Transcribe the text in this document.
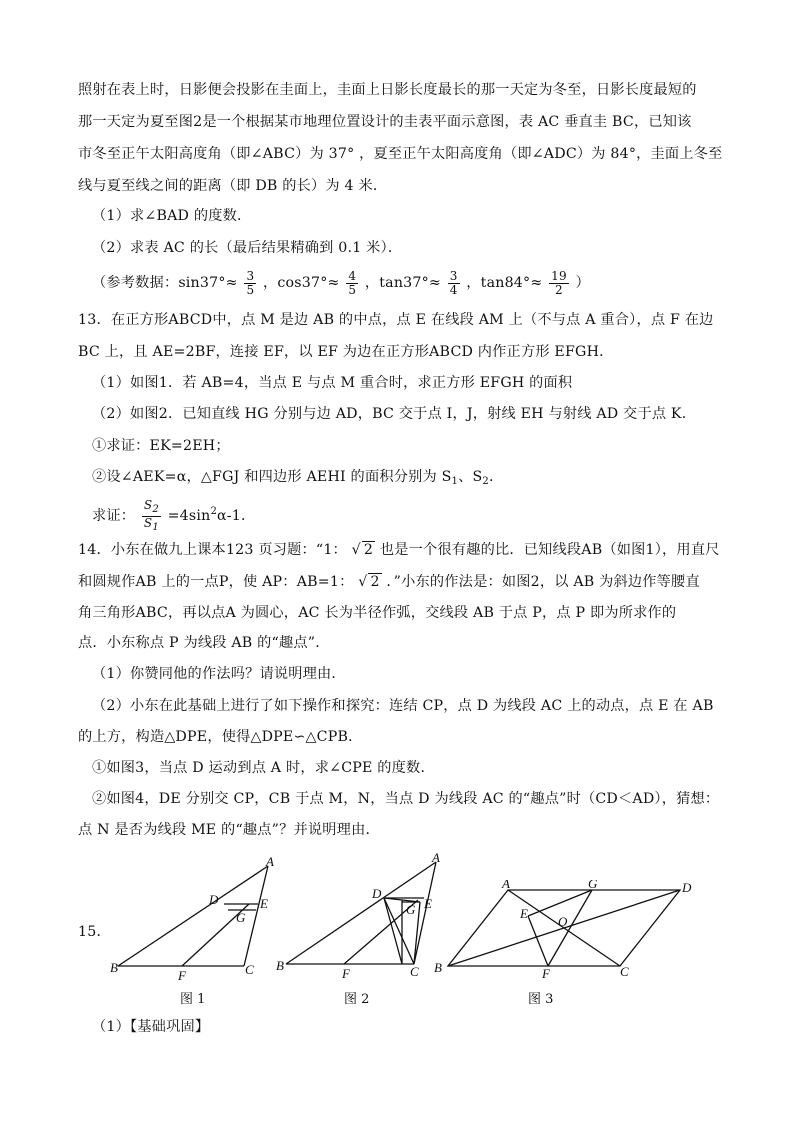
照射在表上时，日影便会投影在圭面上，圭面上日影长度最长的那一天定为冬至，日影长度最短的
那一天定为夏至图2是一个根据某市地理位置设计的圭表平面示意图，表 AC 垂直圭 BC，已知该
市冬至正午太阳高度角（即∠ABC）为 37° ，夏至正午太阳高度角（即∠ADC）为 84°，圭面上冬至
线与夏至线之间的距离（即 DB 的长）为 4 米．
（1）求∠BAD 的度数．
（2）求表 AC 的长（最后结果精确到 0.1 米）．
（参考数据：$\sin 37^\circ\approx \frac{3}{5}$ ，$\cos 37^\circ\approx \frac{4}{5}$ ，$\tan 37^\circ\approx \frac{3}{4}$ ，$\tan 84^\circ\approx \frac{19}{2}$ ）
13．在正方形ABCD中，点 M 是边 AB 的中点，点 E 在线段 AM 上（不与点 A 重合），点 F 在边
BC 上，且 AE=2BF，连接 EF，以 EF 为边在正方形ABCD 内作正方形 EFGH．
（1）如图1．若 AB=4，当点 E 与点 M 重合时，求正方形 EFGH 的面积
（2）如图2．已知直线 HG 分别与边 AD，BC 交于点 I，J，射线 EH 与射线 AD 交于点 K．
①求证：EK=2EH；
②设∠AEK=α，△FGJ 和四边形 AEHI 的面积分别为 $S_1$、$S_2$．
求证： $\frac{S_2}{S_1} =4\sin^2\alpha-1$．
14．小东在做九上课本123 页习题：“1： √ 2 也是一个很有趣的比．已知线段AB（如图1），用直尺
和圆规作AB 上的一点P，使 AP：AB=1： √ 2 ．”小东的作法是：如图2，以 AB 为斜边作等腰直
角三角形ABC，再以点A 为圆心，AC 长为半径作弧，交线段 AB 于点 P，点 P 即为所求作的
点．小东称点 P 为线段 AB 的“趣点”．
（1）你赞同他的作法吗？请说明理由．
（2）小东在此基础上进行了如下操作和探究：连结 CP，点 D 为线段 AC 上的动点，点 E 在 AB
的上方，构造△DPE，使得△DPE∽△CPB．
①如图3，当点 D 运动到点 A 时，求∠CPE 的度数．
②如图4，DE 分别交 CP，CB 于点 M，N，当点 D 为线段 AC 的“趣点”时（CD＜AD），猜想：
点 N 是否为线段 ME 的“趣点”？并说明理由．
15．
A
D
G
E
B
F	C
图 1
A
D
G E
B
F	C
图 2
A	G	D
E
O
B	F	C
图 3
（1）【基础巩固】
